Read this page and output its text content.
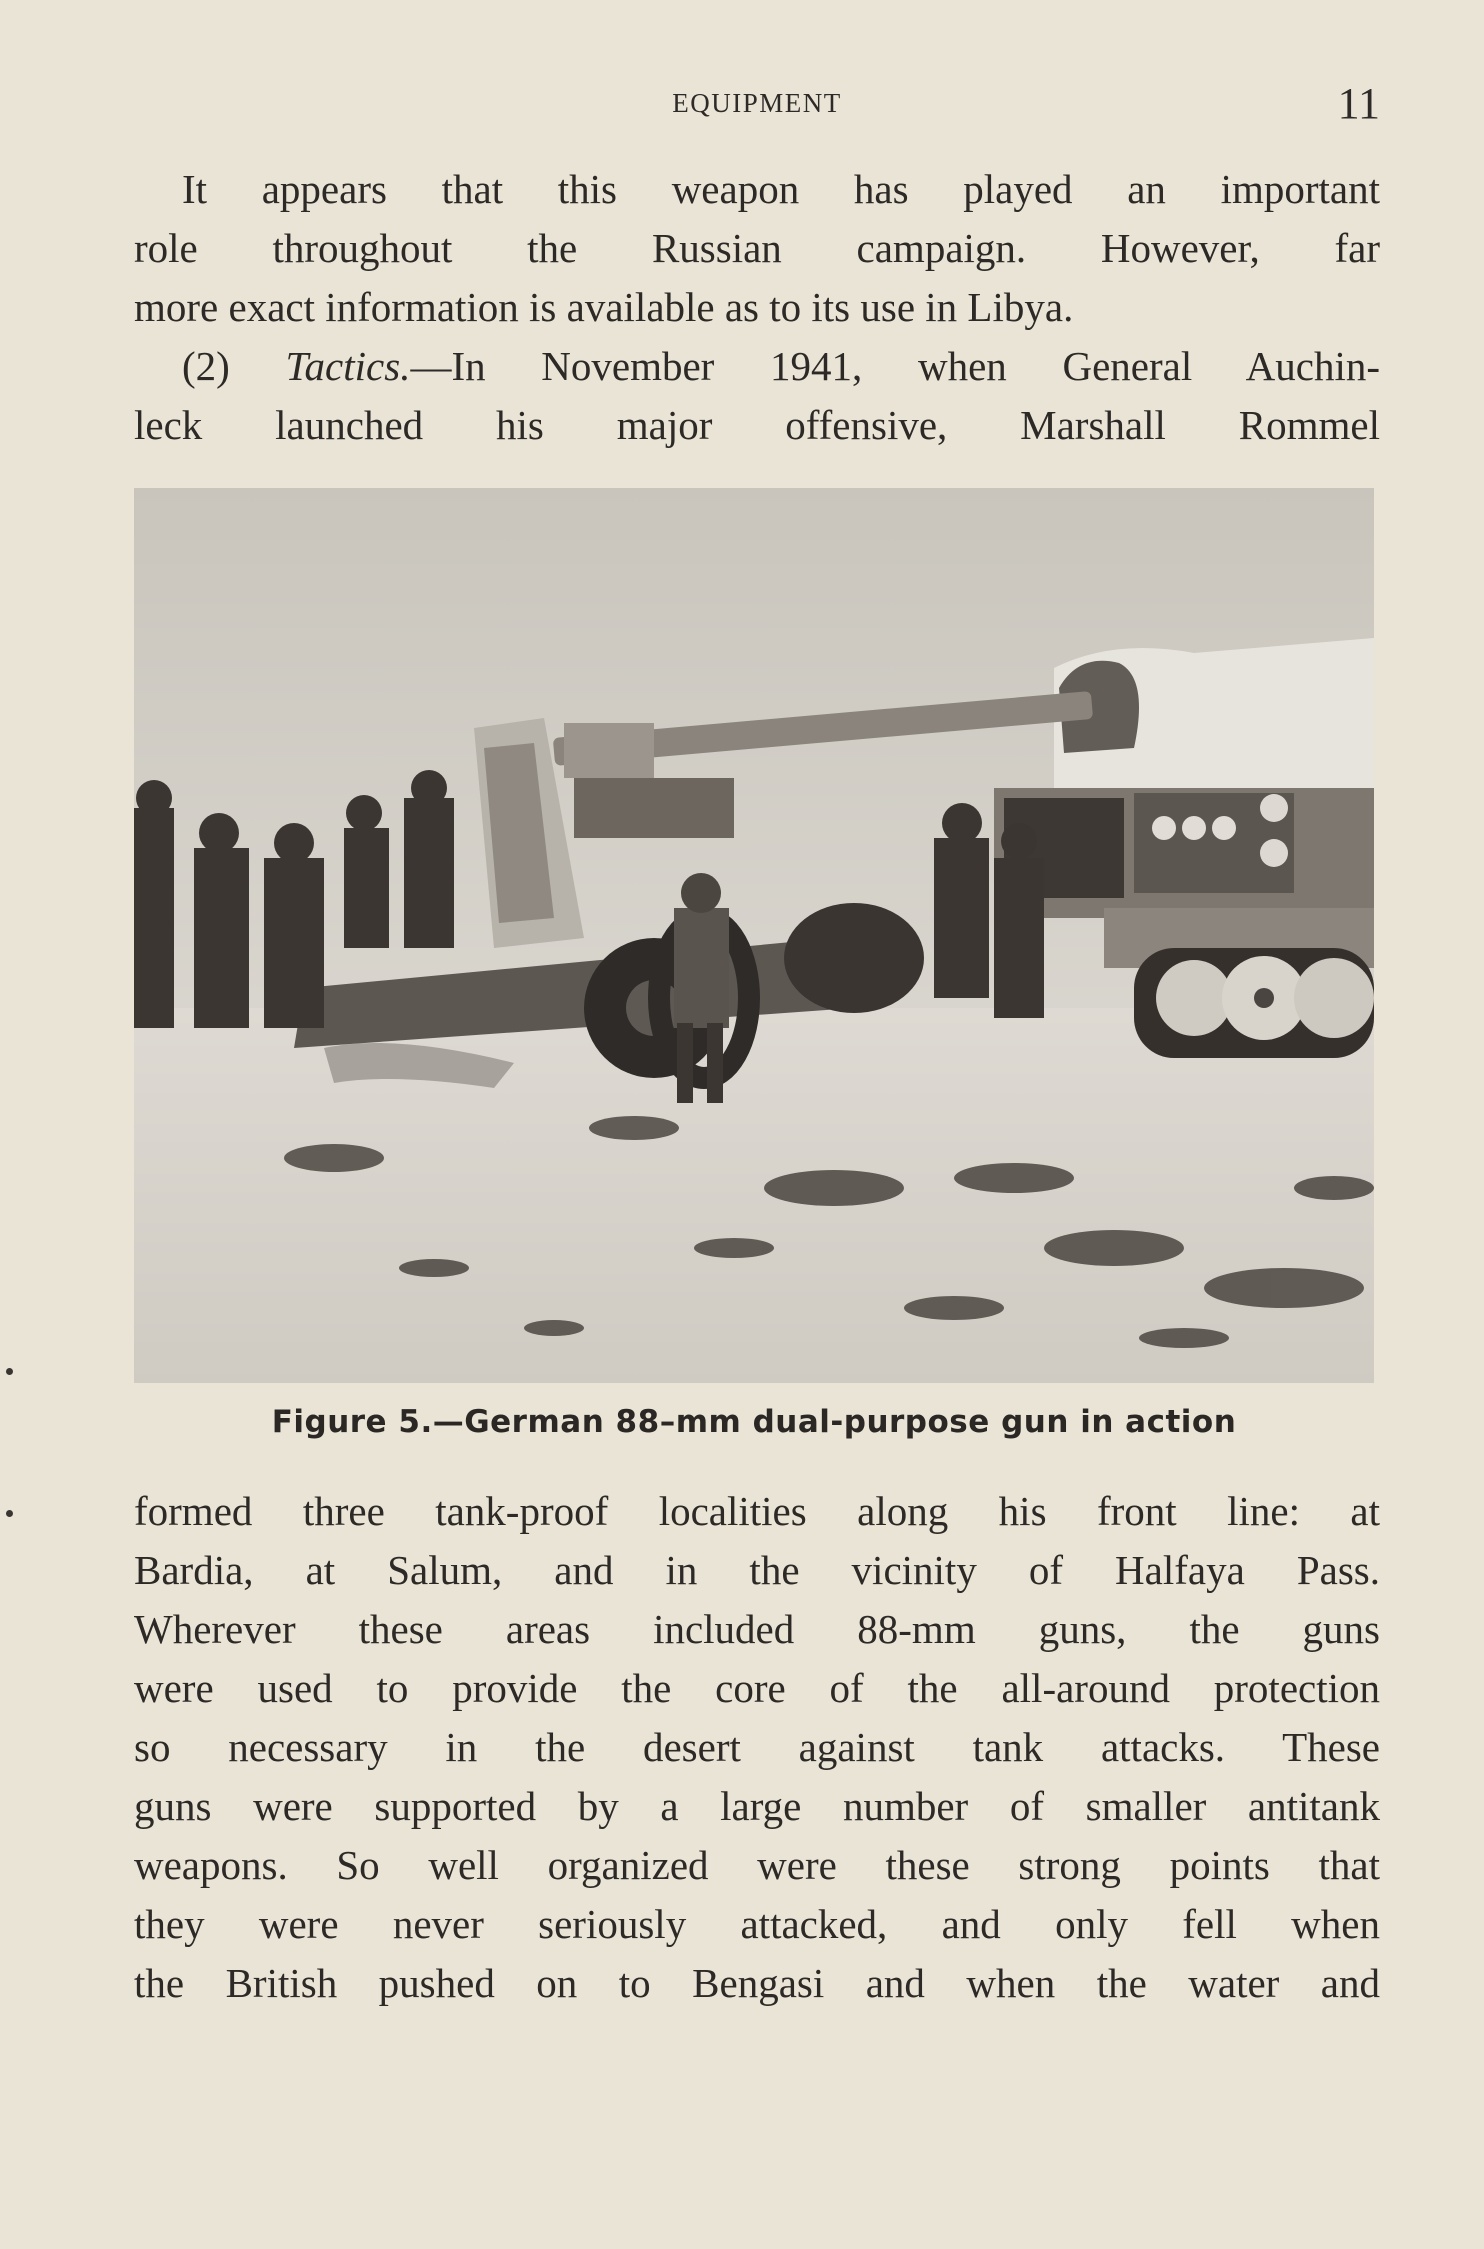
EQUIPMENT	11
It appears that this weapon has played an important
role throughout the Russian campaign. However, far
more exact information is available as to its use in Libya.
(2) Tactics.—In November 1941, when General Auchin-
leck launched his major offensive, Marshall Rommel
Figure 5.—German 88–mm dual-purpose gun in action
formed three tank-proof localities along his front line: at
Bardia, at Salum, and in the vicinity of Halfaya Pass.
Wherever these areas included 88-mm guns, the guns
were used to provide the core of the all-around protection
so necessary in the desert against tank attacks. These
guns were supported by a large number of smaller antitank
weapons. So well organized were these strong points that
they were never seriously attacked, and only fell when
the British pushed on to Bengasi and when the water and
